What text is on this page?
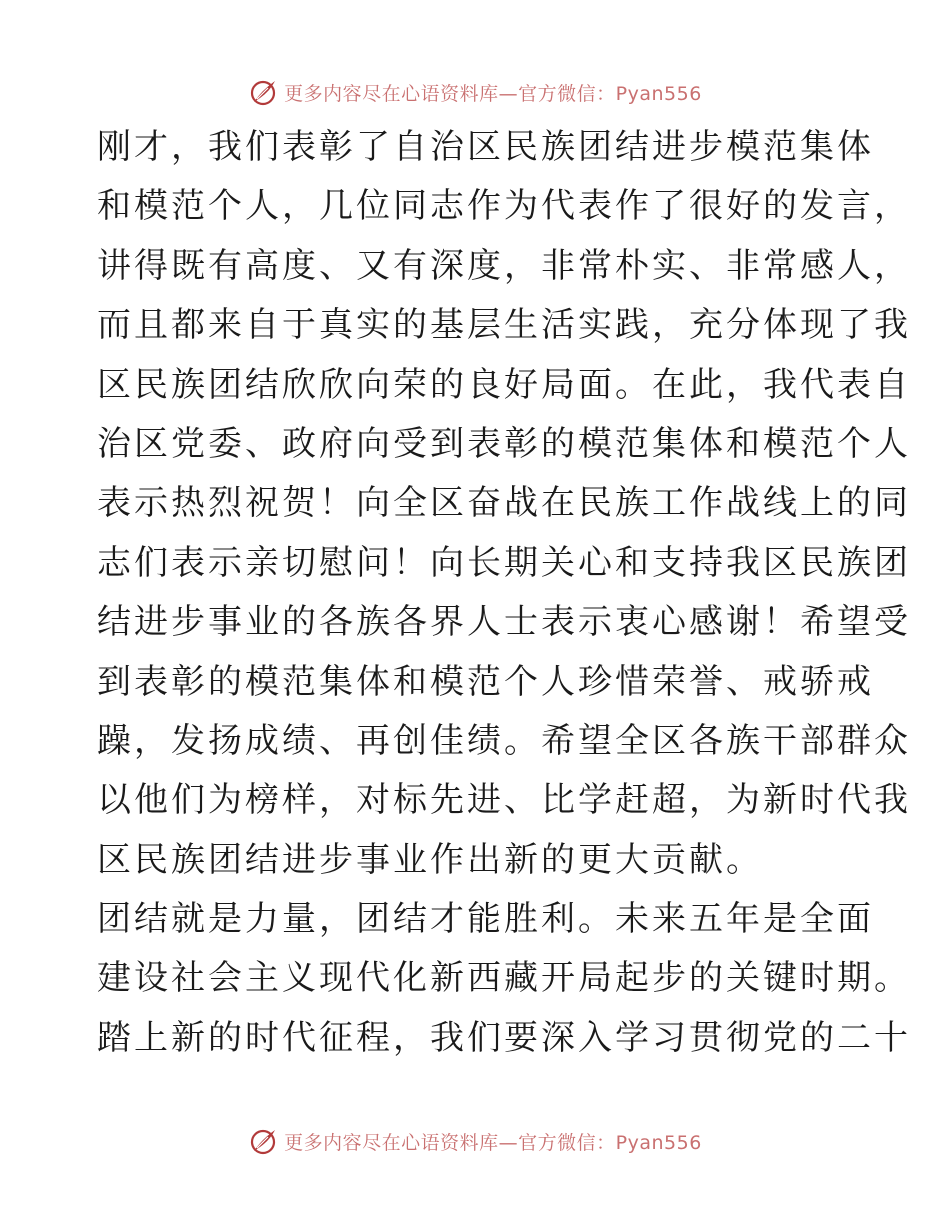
更多内容尽在心语资料库—官方微信：Pyan556
刚才，我们表彰了自治区民族团结进步模范集体
和模范个人，几位同志作为代表作了很好的发言，
讲得既有高度、又有深度，非常朴实、非常感人，
而且都来自于真实的基层生活实践，充分体现了我
区民族团结欣欣向荣的良好局面。在此，我代表自
治区党委、政府向受到表彰的模范集体和模范个人
表示热烈祝贺！向全区奋战在民族工作战线上的同
志们表示亲切慰问！向长期关心和支持我区民族团
结进步事业的各族各界人士表示衷心感谢！希望受
到表彰的模范集体和模范个人珍惜荣誉、戒骄戒
躁，发扬成绩、再创佳绩。希望全区各族干部群众
以他们为榜样，对标先进、比学赶超，为新时代我
区民族团结进步事业作出新的更大贡献。
团结就是力量，团结才能胜利。未来五年是全面
建设社会主义现代化新西藏开局起步的关键时期。
踏上新的时代征程，我们要深入学习贯彻党的二十
更多内容尽在心语资料库—官方微信：Pyan556
